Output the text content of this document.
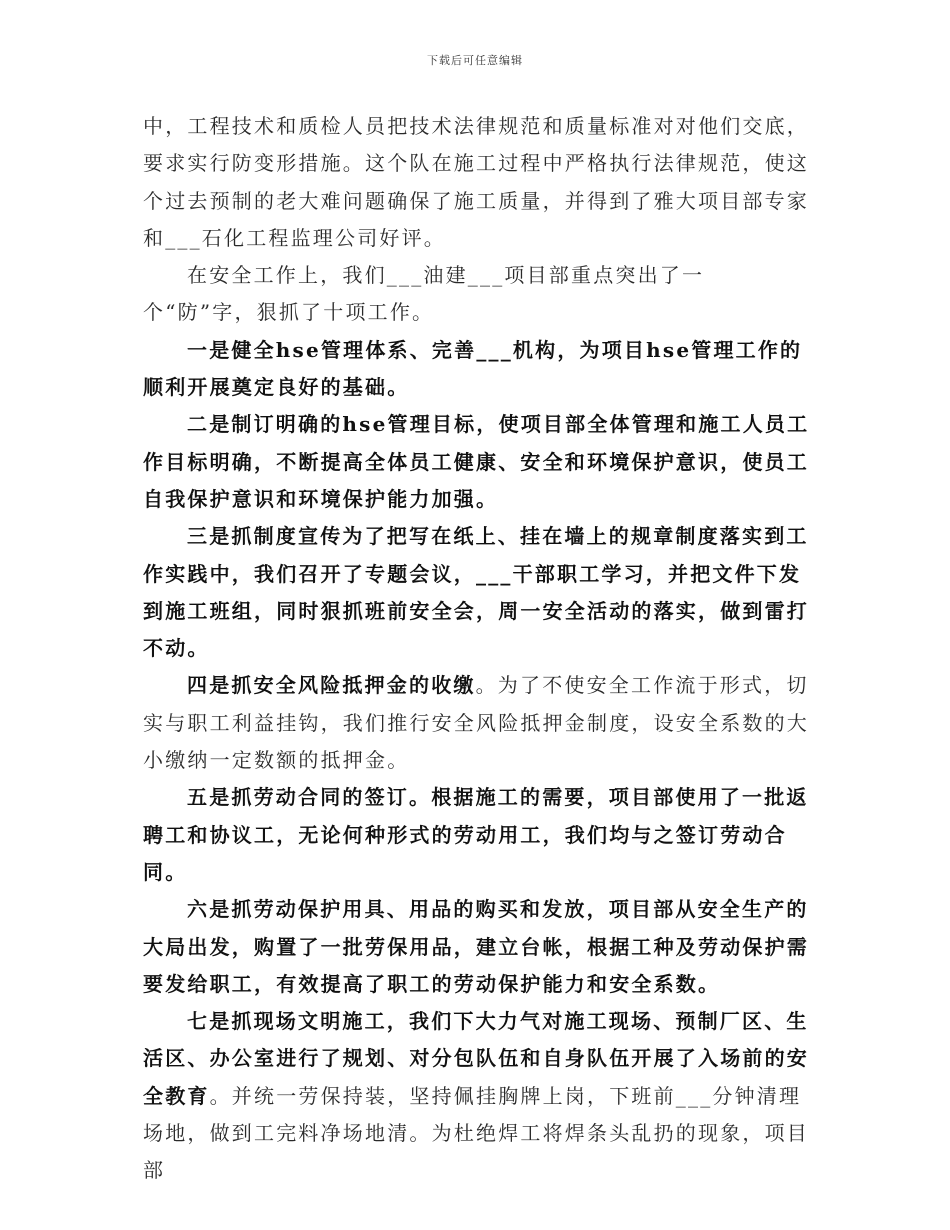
下载后可任意编辑

中，工程技术和质检人员把技术法律规范和质量标准对对他们交底，要求实行防变形措施。这个队在施工过程中严格执行法律规范，使这个过去预制的老大难问题确保了施工质量，并得到了雅大项目部专家和___石化工程监理公司好评。

在安全工作上，我们___油建___项目部重点突出了一个“防”字，狠抓了十项工作。

一是健全hse管理体系、完善___机构，为项目hse管理工作的顺利开展奠定良好的基础。

二是制订明确的hse管理目标，使项目部全体管理和施工人员工作目标明确，不断提高全体员工健康、安全和环境保护意识，使员工自我保护意识和环境保护能力加强。

三是抓制度宣传为了把写在纸上、挂在墙上的规章制度落实到工作实践中，我们召开了专题会议，___干部职工学习，并把文件下发到施工班组，同时狠抓班前安全会，周一安全活动的落实，做到雷打不动。

四是抓安全风险抵押金的收缴。为了不使安全工作流于形式，切实与职工利益挂钩，我们推行安全风险抵押金制度，设安全系数的大小缴纳一定数额的抵押金。

五是抓劳动合同的签订。根据施工的需要，项目部使用了一批返聘工和协议工，无论何种形式的劳动用工，我们均与之签订劳动合同。

六是抓劳动保护用具、用品的购买和发放，项目部从安全生产的大局出发，购置了一批劳保用品，建立台帐，根据工种及劳动保护需要发给职工，有效提高了职工的劳动保护能力和安全系数。

七是抓现场文明施工，我们下大力气对施工现场、预制厂区、生活区、办公室进行了规划、对分包队伍和自身队伍开展了入场前的安全教育。并统一劳保持装，坚持佩挂胸牌上岗，下班前___分钟清理场地，做到工完料净场地清。为杜绝焊工将焊条头乱扔的现象，项目部
